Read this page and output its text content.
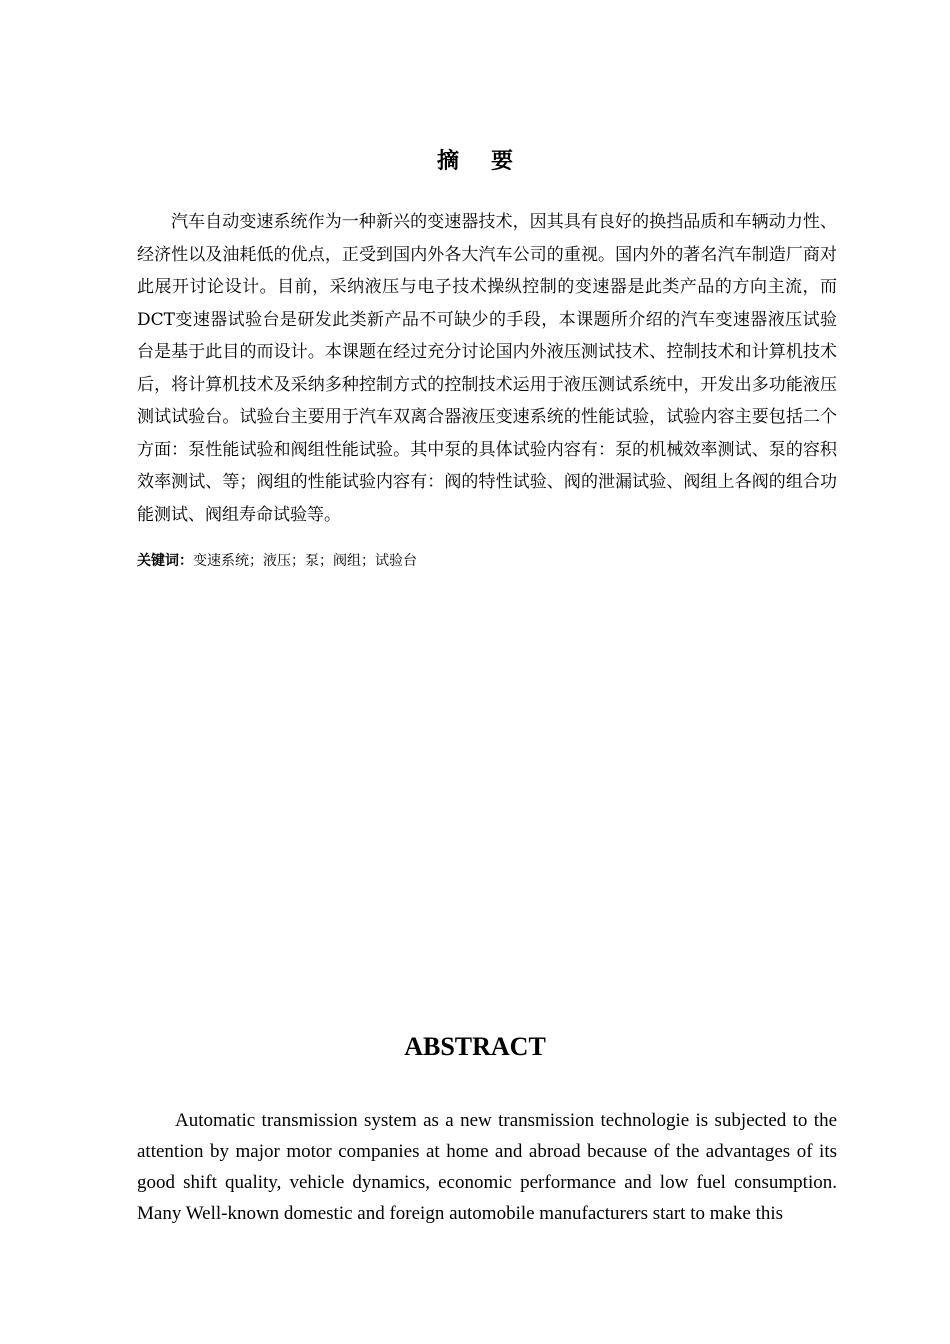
摘要

汽车自动变速系统作为一种新兴的变速器技术，因其具有良好的换挡品质和车辆动力性、经济性以及油耗低的优点，正受到国内外各大汽车公司的重视。国内外的著名汽车制造厂商对此展开讨论设计。目前，采纳液压与电子技术操纵控制的变速器是此类产品的方向主流，而DCT变速器试验台是研发此类新产品不可缺少的手段，本课题所介绍的汽车变速器液压试验台是基于此目的而设计。本课题在经过充分讨论国内外液压测试技术、控制技术和计算机技术后，将计算机技术及采纳多种控制方式的控制技术运用于液压测试系统中，开发出多功能液压测试试验台。试验台主要用于汽车双离合器液压变速系统的性能试验，试验内容主要包括二个方面：泵性能试验和阀组性能试验。其中泵的具体试验内容有：泵的机械效率测试、泵的容积效率测试、等；阀组的性能试验内容有：阀的特性试验、阀的泄漏试验、阀组上各阀的组合功能测试、阀组寿命试验等。

关键词：变速系统；液压；泵；阀组；试验台
ABSTRACT

Automatic transmission system as a new transmission technologie is subjected to the attention by major motor companies at home and abroad because of the advantages of its good shift quality, vehicle dynamics, economic performance and low fuel consumption. Many Well-known domestic and foreign automobile manufacturers start to make this
